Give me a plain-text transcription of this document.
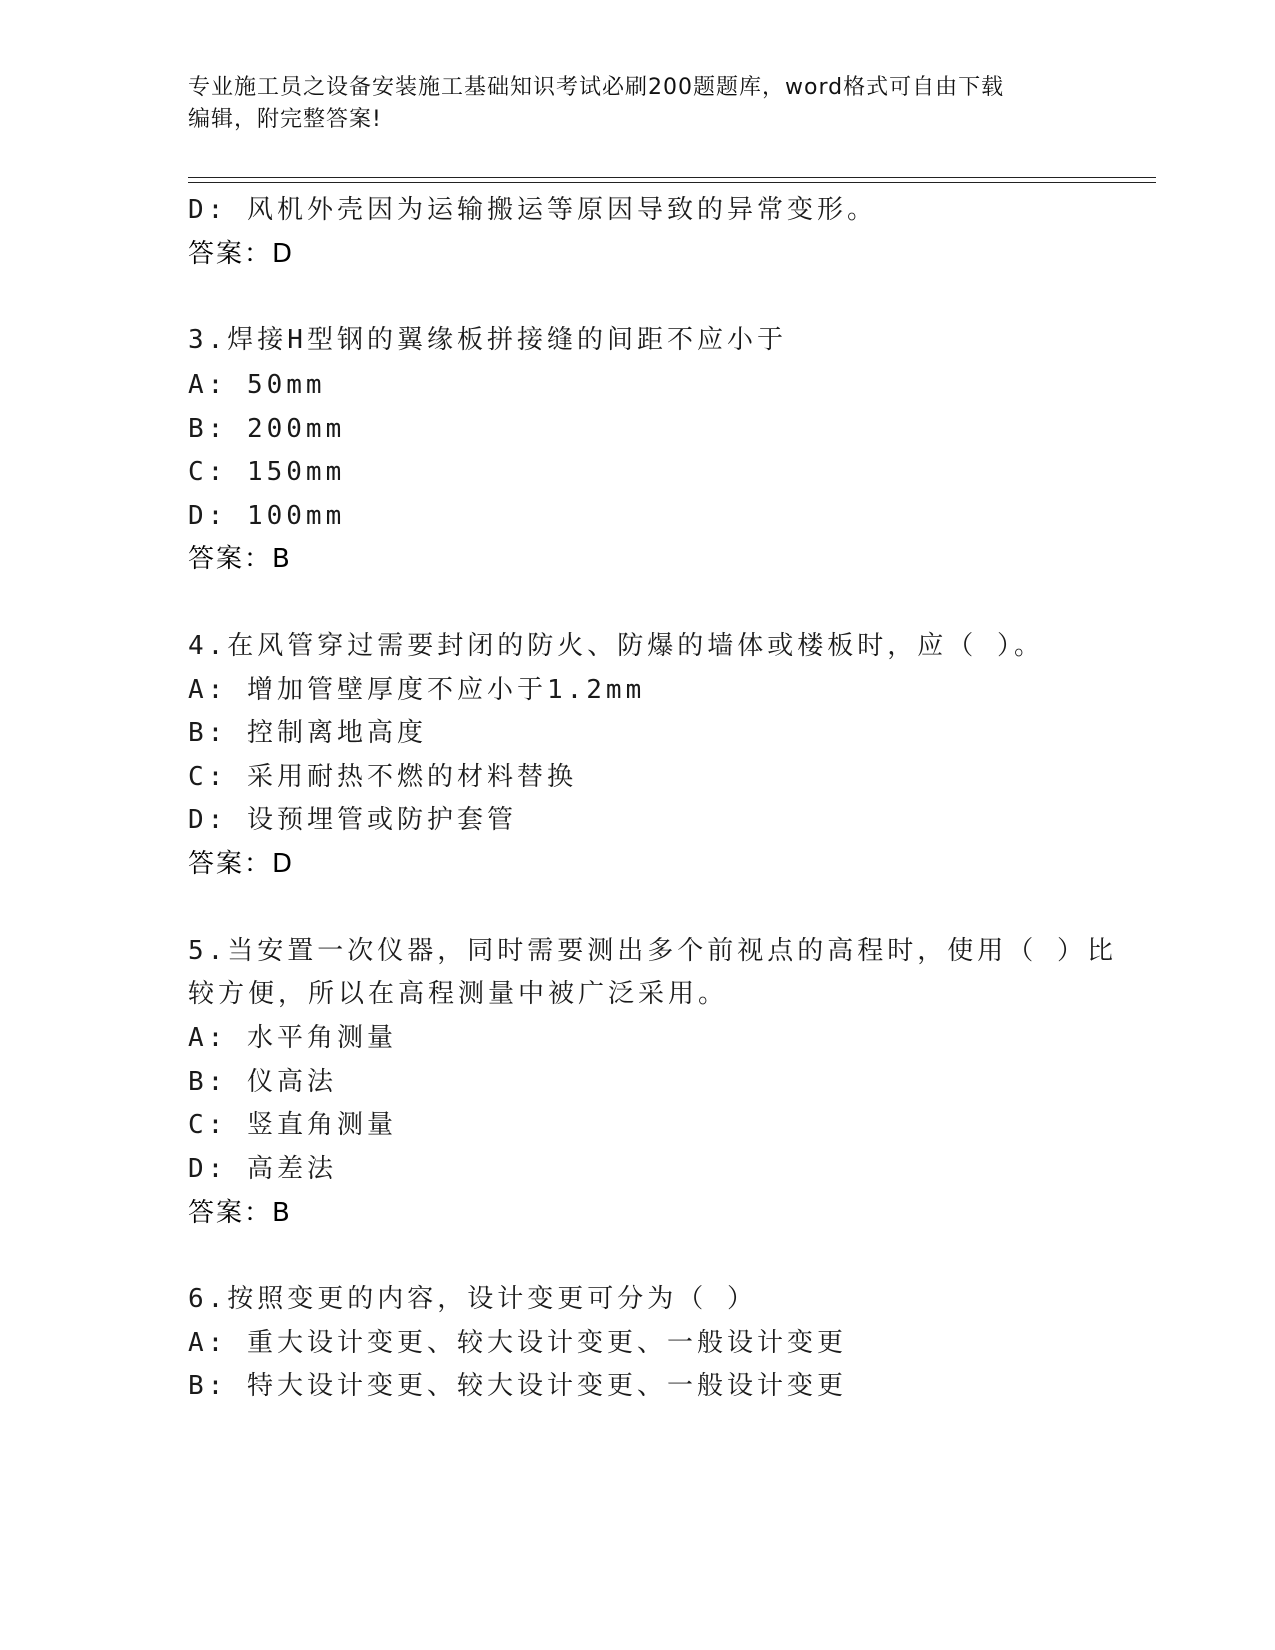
专业施工员之设备安装施工基础知识考试必刷200题题库，word格式可自由下载
编辑，附完整答案!
D: 风机外壳因为运输搬运等原因导致的异常变形。
答案：D
3.焊接H型钢的翼缘板拼接缝的间距不应小于
A: 50mm
B: 200mm
C: 150mm
D: 100mm
答案：B
4.在风管穿过需要封闭的防火、防爆的墙体或楼板时，应（ ）。
A: 增加管壁厚度不应小于1.2mm
B: 控制离地高度
C: 采用耐热不燃的材料替换
D: 设预埋管或防护套管
答案：D
5.当安置一次仪器，同时需要测出多个前视点的高程时，使用（ ）比
较方便，所以在高程测量中被广泛采用。
A: 水平角测量
B: 仪高法
C: 竖直角测量
D: 高差法
答案：B
6.按照变更的内容，设计变更可分为（ ）
A: 重大设计变更、较大设计变更、一般设计变更
B: 特大设计变更、较大设计变更、一般设计变更
